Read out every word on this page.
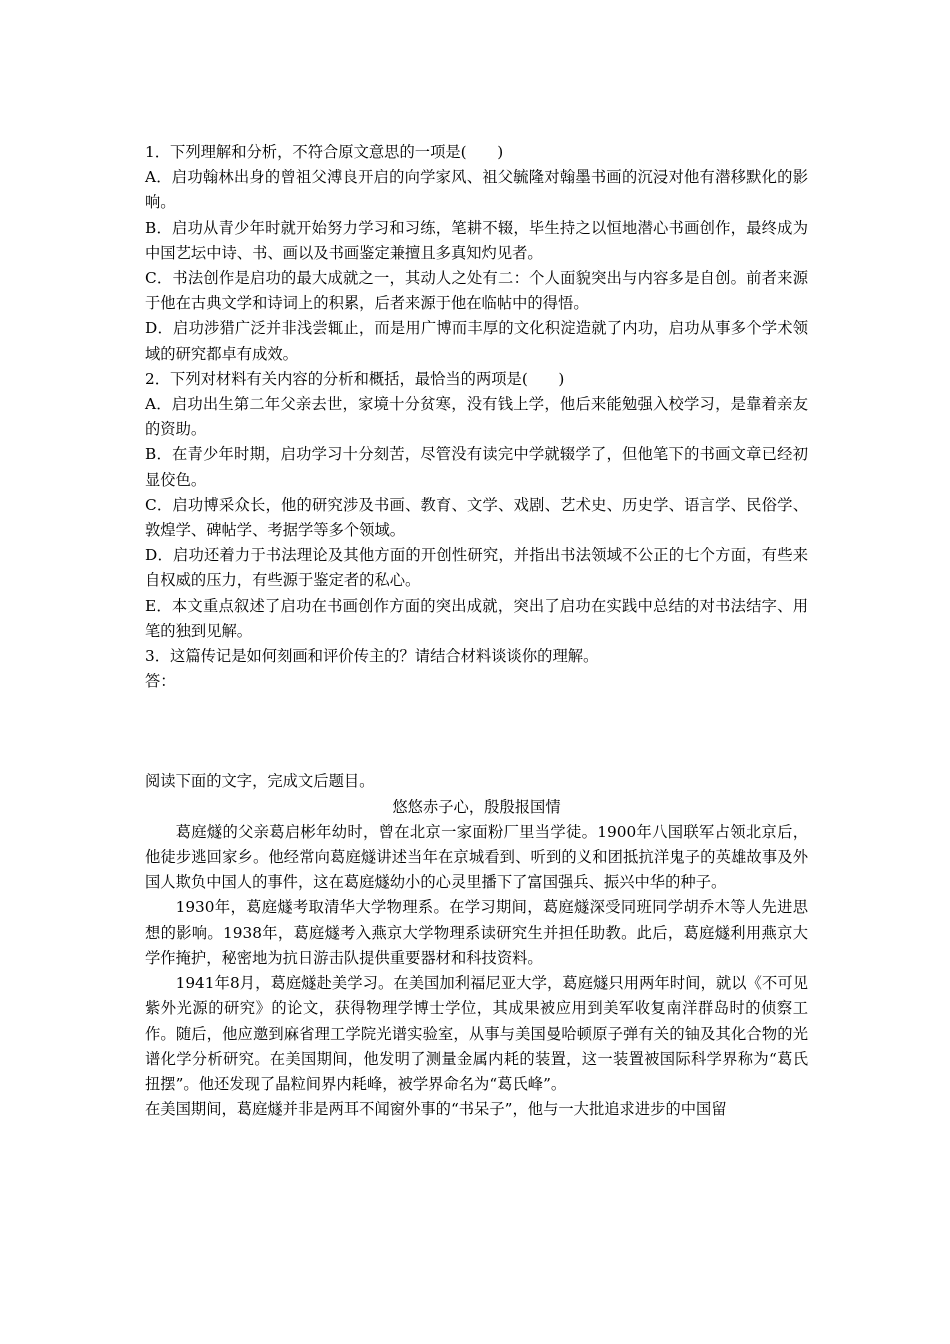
1．下列理解和分析，不符合原文意思的一项是(　　)

A．启功翰林出身的曾祖父溥良开启的向学家风、祖父毓隆对翰墨书画的沉浸对他有潜移默化的影响。

B．启功从青少年时就开始努力学习和习练，笔耕不辍，毕生持之以恒地潜心书画创作，最终成为中国艺坛中诗、书、画以及书画鉴定兼擅且多真知灼见者。

C．书法创作是启功的最大成就之一，其动人之处有二：个人面貌突出与内容多是自创。前者来源于他在古典文学和诗词上的积累，后者来源于他在临帖中的得悟。

D．启功涉猎广泛并非浅尝辄止，而是用广博而丰厚的文化积淀造就了内功，启功从事多个学术领域的研究都卓有成效。

2．下列对材料有关内容的分析和概括，最恰当的两项是(　　)

A．启功出生第二年父亲去世，家境十分贫寒，没有钱上学，他后来能勉强入校学习，是靠着亲友的资助。

B．在青少年时期，启功学习十分刻苦，尽管没有读完中学就辍学了，但他笔下的书画文章已经初显佼色。

C．启功博采众长，他的研究涉及书画、教育、文学、戏剧、艺术史、历史学、语言学、民俗学、敦煌学、碑帖学、考据学等多个领域。

D．启功还着力于书法理论及其他方面的开创性研究，并指出书法领域不公正的七个方面，有些来自权威的压力，有些源于鉴定者的私心。

E．本文重点叙述了启功在书画创作方面的突出成就，突出了启功在实践中总结的对书法结字、用笔的独到见解。

3．这篇传记是如何刻画和评价传主的？请结合材料谈谈你的理解。

答：

阅读下面的文字，完成文后题目。

悠悠赤子心，殷殷报国情

葛庭燧的父亲葛启彬年幼时，曾在北京一家面粉厂里当学徒。1900年八国联军占领北京后，他徒步逃回家乡。他经常向葛庭燧讲述当年在京城看到、听到的义和团抵抗洋鬼子的英雄故事及外国人欺负中国人的事件，这在葛庭燧幼小的心灵里播下了富国强兵、振兴中华的种子。

1930年，葛庭燧考取清华大学物理系。在学习期间，葛庭燧深受同班同学胡乔木等人先进思想的影响。1938年，葛庭燧考入燕京大学物理系读研究生并担任助教。此后，葛庭燧利用燕京大学作掩护，秘密地为抗日游击队提供重要器材和科技资料。

1941年8月，葛庭燧赴美学习。在美国加利福尼亚大学，葛庭燧只用两年时间，就以《不可见紫外光源的研究》的论文，获得物理学博士学位，其成果被应用到美军收复南洋群岛时的侦察工作。随后，他应邀到麻省理工学院光谱实验室，从事与美国曼哈顿原子弹有关的铀及其化合物的光谱化学分析研究。在美国期间，他发明了测量金属内耗的装置，这一装置被国际科学界称为“葛氏扭摆”。他还发现了晶粒间界内耗峰，被学界命名为“葛氏峰”。

在美国期间，葛庭燧并非是两耳不闻窗外事的“书呆子”，他与一大批追求进步的中国留
